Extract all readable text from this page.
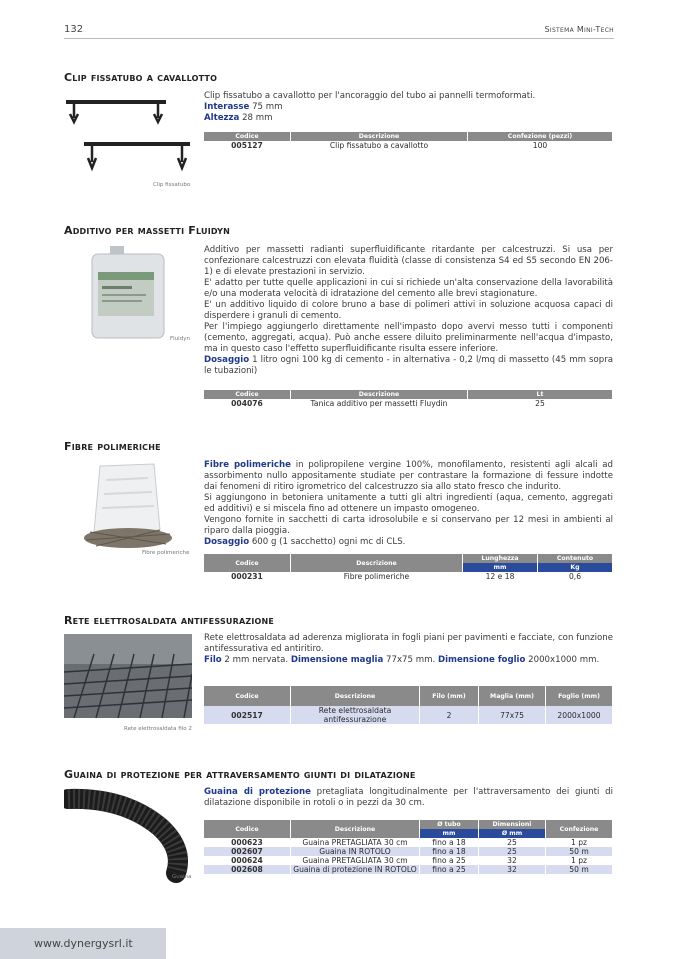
132	Sistema Mini-Tech
Clip fissatubo a cavallotto
Clip fissatubo

Clip fissatubo a cavallotto per l'ancoraggio del tubo ai pannelli termoformati.

Interasse 75 mm

Altezza 28 mm

Codice	Descrizione	Confezione (pezzi)
005127	Clip fissatubo a cavallotto	100
Additivo per massetti Fluidyn
Fluidyn

Additivo per massetti radianti superfluidificante ritardante per calcestruzzi. Si usa per confezionare calcestruzzi con elevata fluidità (classe di consistenza S4 ed S5 secondo EN 206-1) e di elevate prestazioni in servizio.

E' adatto per tutte quelle applicazioni in cui si richiede un'alta conservazione della lavorabilità e/o una moderata velocità di idratazione del cemento alle brevi stagionature.

E' un additivo liquido di colore bruno a base di polimeri attivi in soluzione acquosa capaci di disperdere i granuli di cemento.

Per l'impiego aggiungerlo direttamente nell'impasto dopo avervi messo tutti i componenti (cemento, aggregati, acqua). Può anche essere diluito preliminarmente nell'acqua d'impasto, ma in questo caso l'effetto superfluidificante risulta essere inferiore.

Dosaggio 1 litro ogni 100 kg di cemento - in alternativa - 0,2 l/mq di massetto (45 mm sopra le tubazioni)

Codice	Descrizione	Lt
004076	Tanica additivo per massetti Fluydin	25
Fibre polimeriche
Fibre polimeriche

Fibre polimeriche in polipropilene vergine 100%, monofilamento, resistenti agli alcali ad assorbimento nullo appositamente studiate per contrastare la formazione di fessure indotte dai fenomeni di ritiro igrometrico del calcestruzzo sia allo stato fresco che indurito.

Si aggiungono in betoniera unitamente a tutti gli altri ingredienti (aqua, cemento, aggregati ed additivi) e si miscela fino ad ottenere un impasto omogeneo.

Vengono fornite in sacchetti di carta idrosolubile e si conservano per 12 mesi in ambienti al riparo dalla pioggia.

Dosaggio 600 g (1 sacchetto) ogni mc di CLS.

Codice	Descrizione	Lunghezza	Contenuto
		mm	Kg
000231	Fibre polimeriche	12 e 18	0,6
Rete elettrosaldata antifessurazione
Rete elettrosaldata filo 2

Rete elettrosaldata ad aderenza migliorata in fogli piani per pavimenti e facciate, con funzione antifessurativa ed antiritiro.

Filo 2 mm nervata. Dimensione maglia 77x75 mm. Dimensione foglio 2000x1000 mm.

Codice	Descrizione	Filo (mm)	Maglia (mm)	Foglio (mm)
002517	Rete elettrosaldata antifessurazione	2	77x75	2000x1000
Guaina di protezione per attraversamento giunti di dilatazione
Guaina

Guaina di protezione pretagliata longitudinalmente per l'attraversamento dei giunti di dilatazione disponibile in rotoli o in pezzi da 30 cm.

Codice	Descrizione	Ø tubo	Dimensioni	Confezione
		mm	Ø mm	
000623	Guaina PRETAGLIATA 30 cm	fino a 18	25	1 pz
002607	Guaina IN ROTOLO	fino a 18	25	50 m
000624	Guaina PRETAGLIATA 30 cm	fino a 25	32	1 pz
002608	Guaina di protezione IN ROTOLO	fino a 25	32	50 m
www.dynergysrl.it
